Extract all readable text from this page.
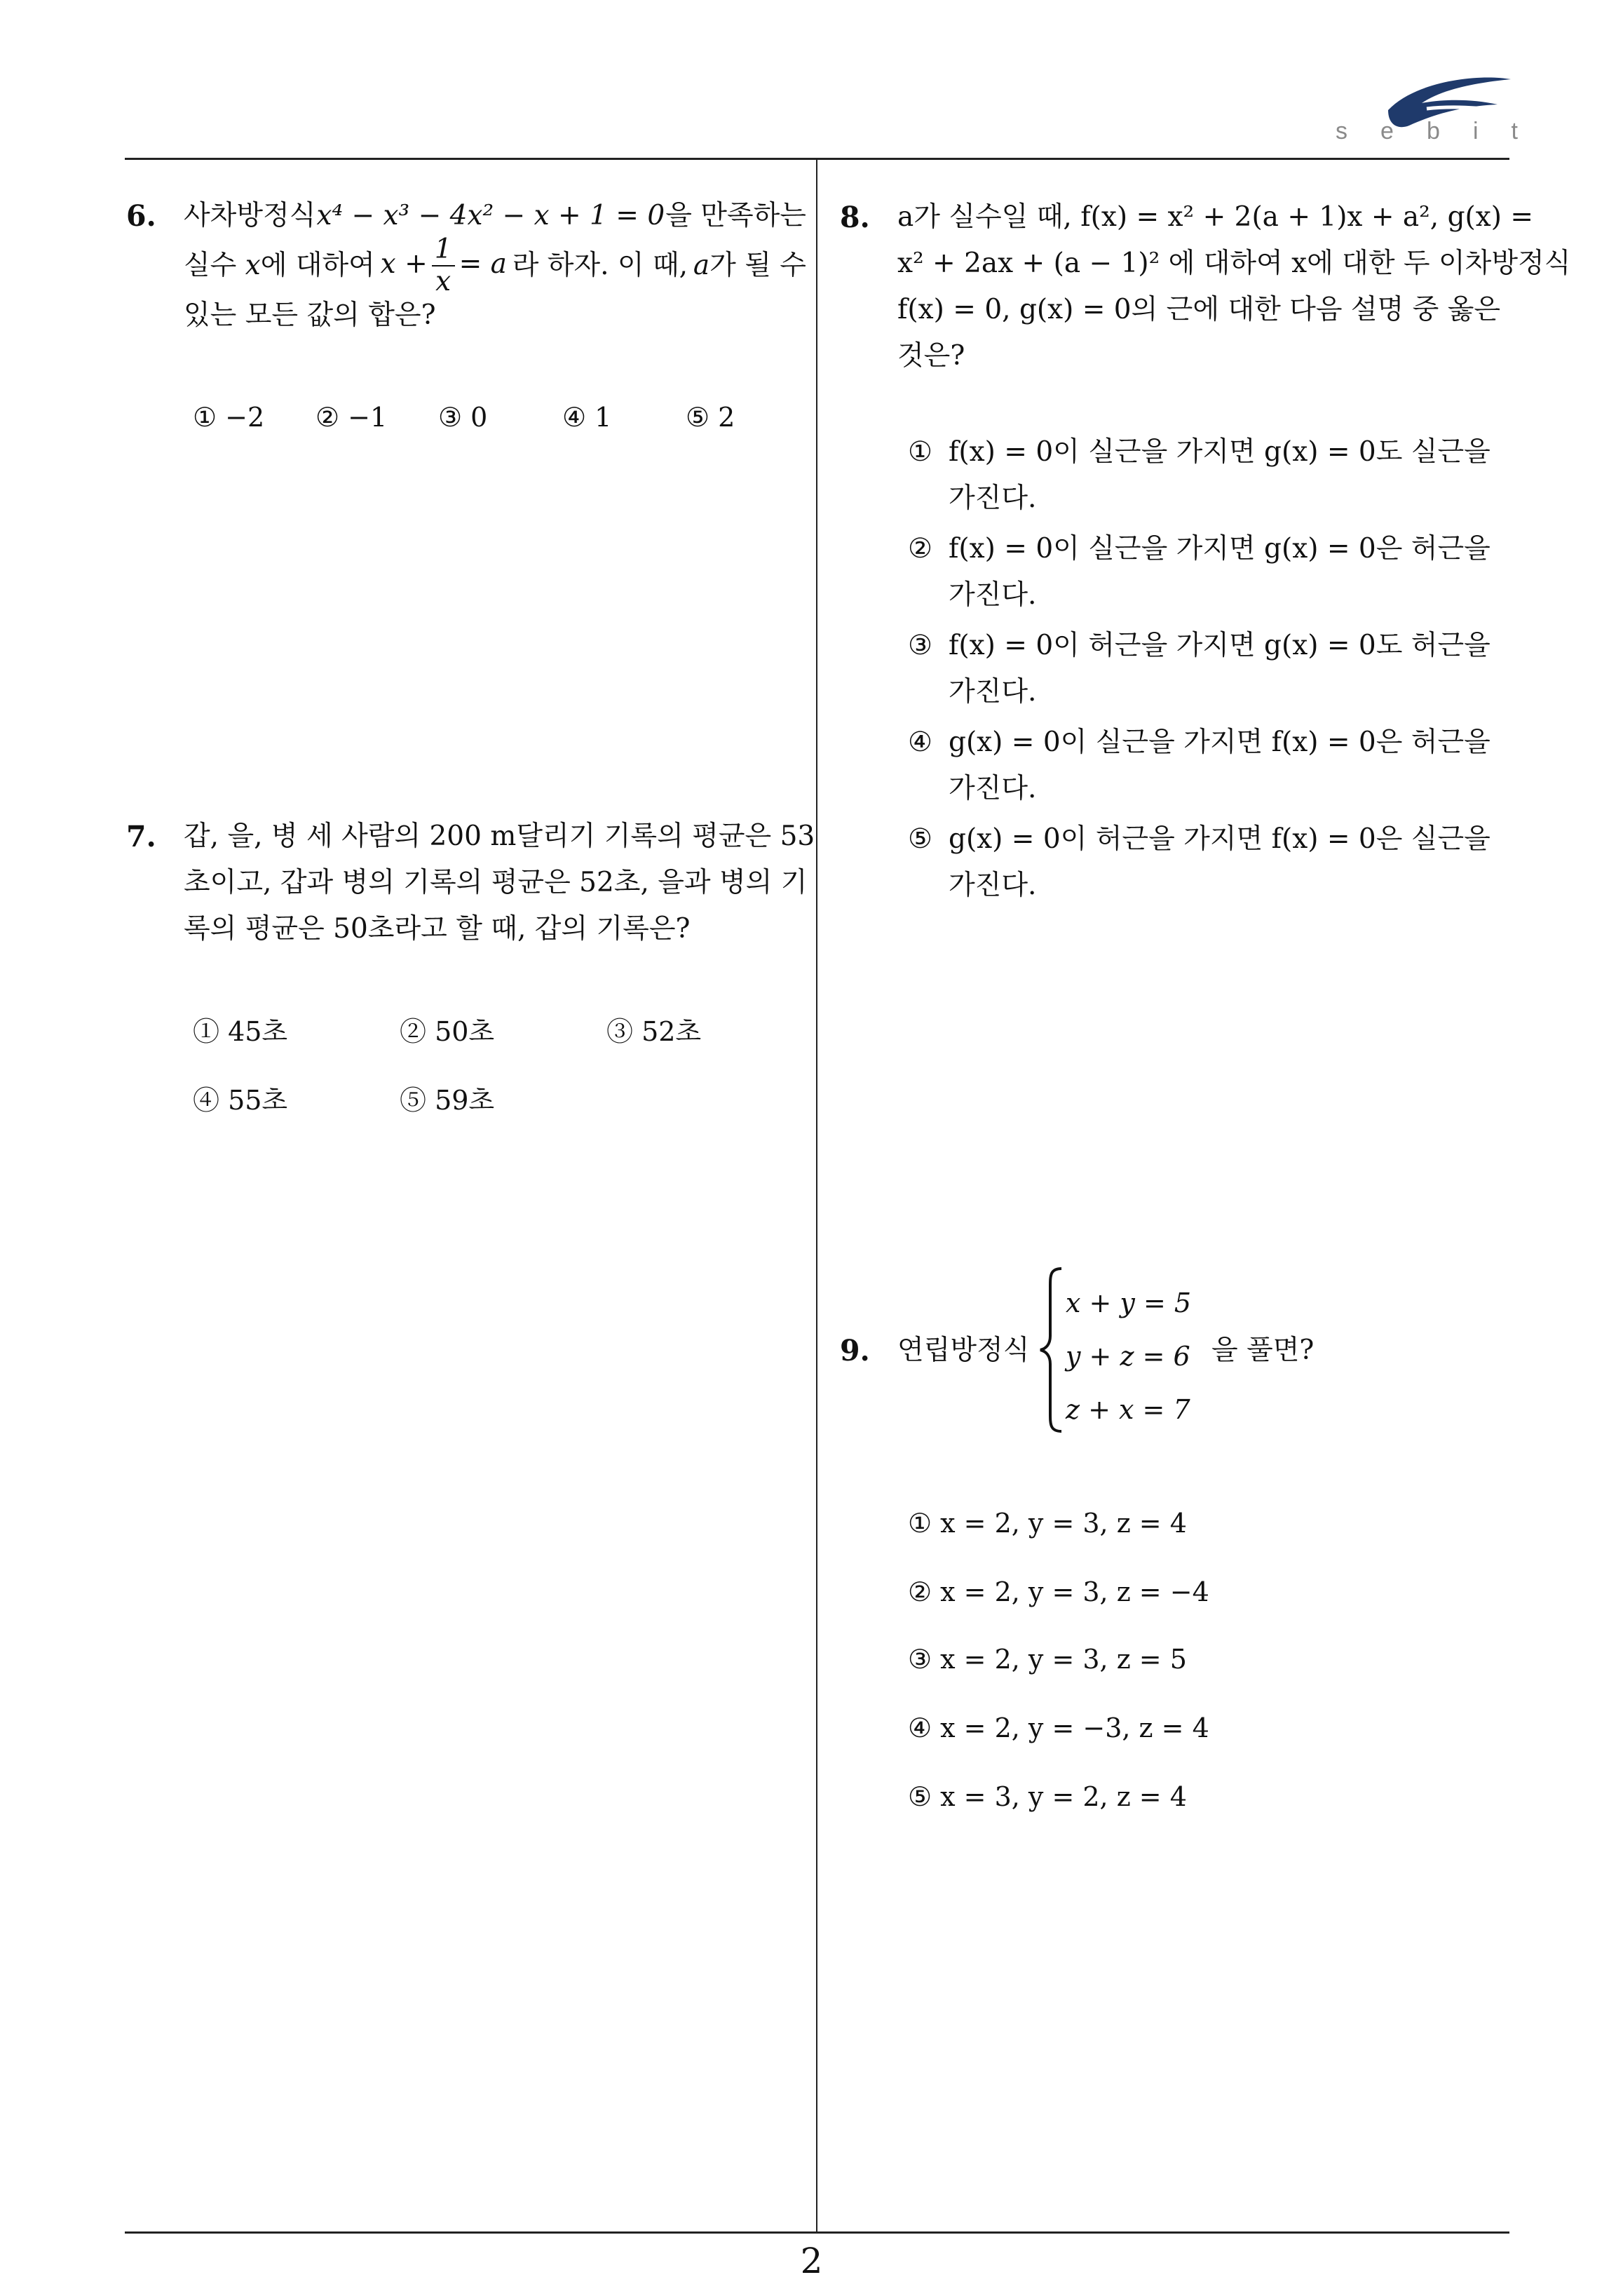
s e b i t
2
6. 사차방정식 x⁴ − x³ − 4x² − x + 1 = 0 을 만족하는
실수 x에 대하여 $x + \frac{1}{x} = a$ 라 하자. 이 때, a가 될 수
있는 모든 값의 합은?
① −2 ② −1 ③ 0	④ 1	⑤ 2
7. 갑, 을, 병 세 사람의 200 m달리기 기록의 평균은 53
초이고, 갑과 병의 기록의 평균은 52초, 을과 병의 기
록의 평균은 50초라고 할 때, 갑의 기록은?
① 45초	② 50초	③ 52초
④ 55초	⑤ 59초
8. a가 실수일 때, f(x) = x² + 2(a + 1)x + a², g(x) =
x² + 2ax + (a − 1)² 에 대하여 x에 대한 두 이차방정식
f(x) = 0, g(x) = 0의 근에 대한 다음 설명 중 옳은
것은?
① f(x) = 0이 실근을 가지면 g(x) = 0도 실근을
가진다.
② f(x) = 0이 실근을 가지면 g(x) = 0은 허근을
가진다.
③ f(x) = 0이 허근을 가지면 g(x) = 0도 허근을
가진다.
④ g(x) = 0이 실근을 가지면 f(x) = 0은 허근을
가진다.
⑤ g(x) = 0이 허근을 가지면 f(x) = 0은 실근을
가진다.
9. 연립방정식
x + y = 5
y + z = 6
z + x = 7
을 풀면?
① x = 2, y = 3, z = 4
② x = 2, y = 3, z = −4
③ x = 2, y = 3, z = 5
④ x = 2, y = −3, z = 4
⑤ x = 3, y = 2, z = 4
